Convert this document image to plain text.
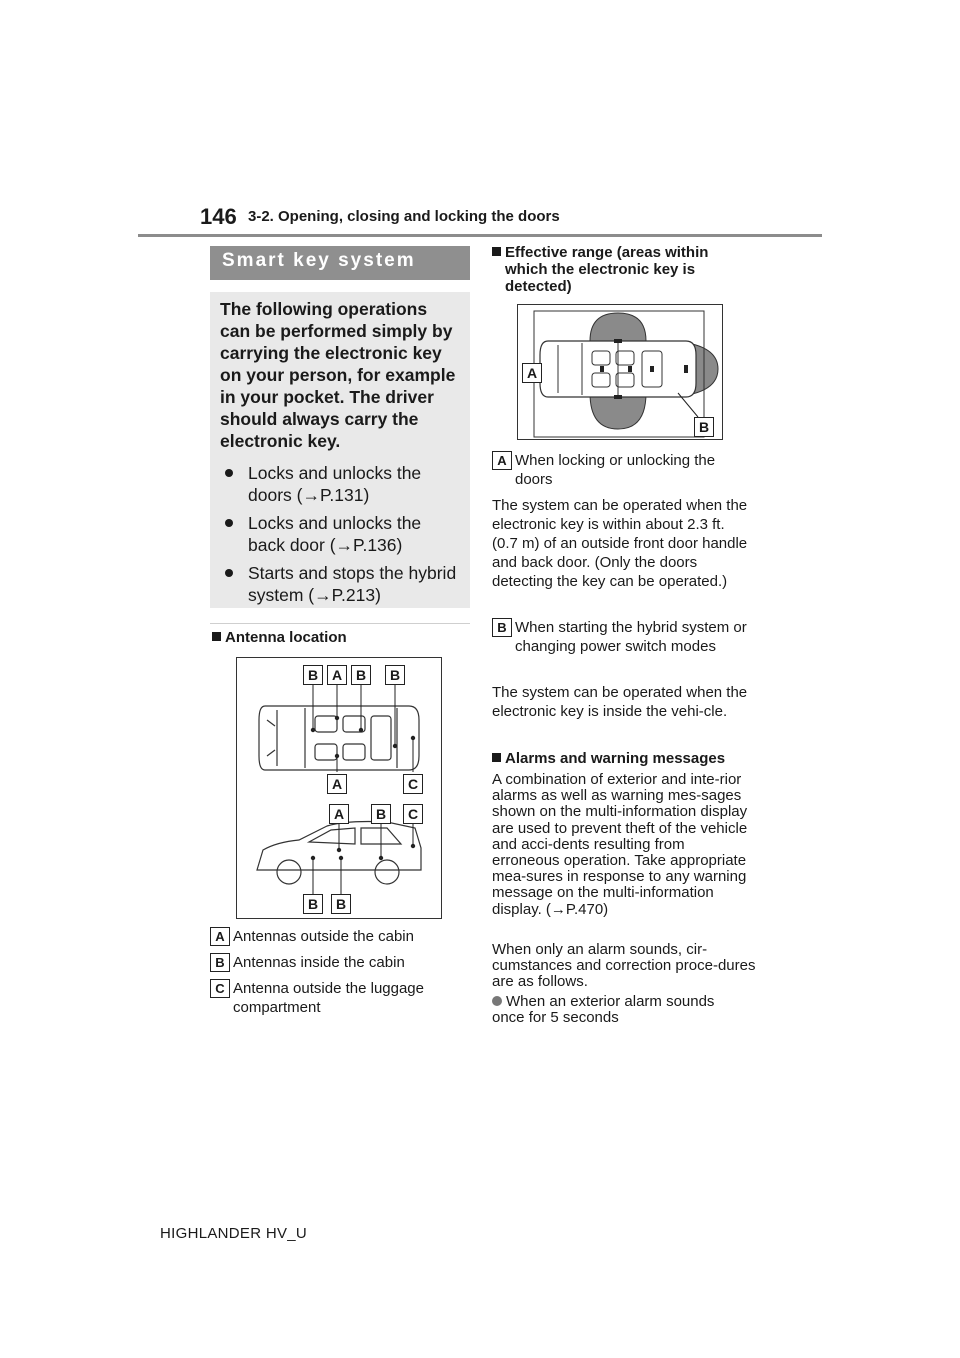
146 3-2. Opening, closing and locking the doors
Smart key system

The following operations can be performed simply by carrying the electronic key on your person, for example in your pocket. The driver should always carry the electronic key.

Locks and unlocks the doors (→P.131)
Locks and unlocks the back door (→P.136)
Starts and stops the hybrid system (→P.213)
Antenna location
B A B	B
A	C
A	B	C
B	B
A Antennas outside the cabin
B Antennas inside the cabin
C Antenna outside the luggage compartment
Effective range (areas within which the electronic key is detected)
A
B
A When locking or unlocking the doors

The system can be operated when the electronic key is within about 2.3 ft. (0.7 m) of an outside front door handle and back door. (Only the doors detecting the key can be operated.)

B When starting the hybrid system or changing power switch modes

The system can be operated when the electronic key is inside the vehi-cle.

Alarms and warning messages

A combination of exterior and inte-rior alarms as well as warning mes-sages shown on the multi-information display are used to prevent theft of the vehicle and acci-dents resulting from erroneous operation. Take appropriate mea-sures in response to any warning message on the multi-information display. (→P.470)

When only an alarm sounds, cir-cumstances and correction proce-dures are as follows.

When an exterior alarm sounds once for 5 seconds
HIGHLANDER HV_U
